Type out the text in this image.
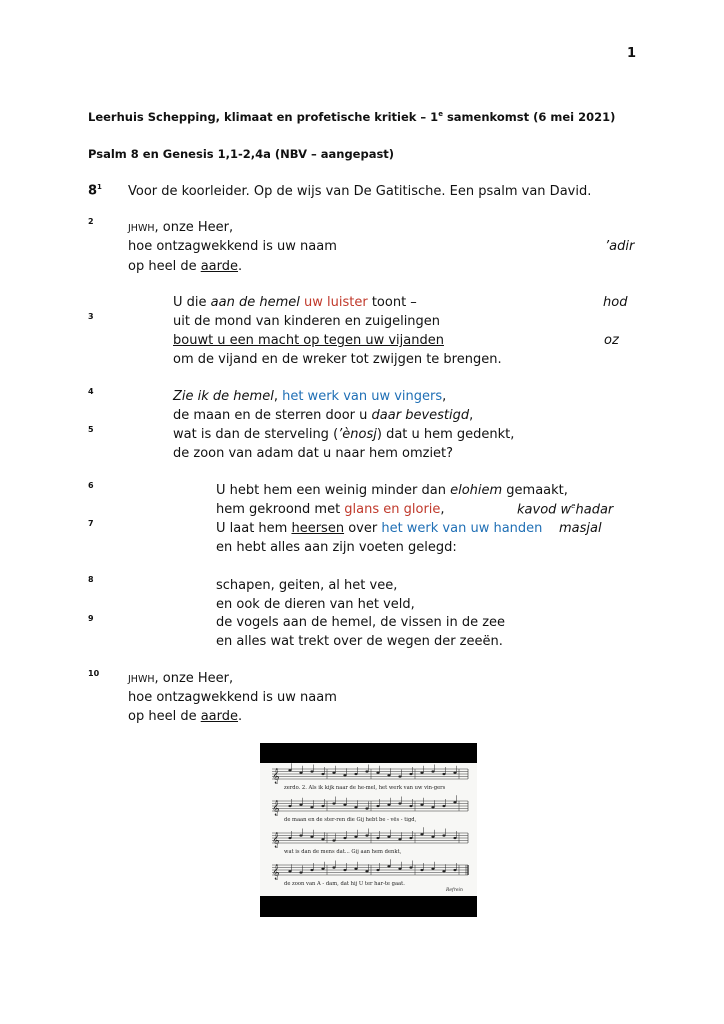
1
Leerhuis Schepping, klimaat en profetische kritiek – 1e samenkomst (6 mei 2021)
Psalm 8 en Genesis 1,1-2,4a (NBV – aangepast)
$8^1$ Voor de koorleider. Op de wijs van De Gatitische. Een psalm van David.
2
JHWH, onze Heer,
hoe ontzagwekkend is uw naam	’adir
op heel de aarde.
U die aan de hemel uw luister toont –	hod
3	uit de mond van kinderen en zuigelingen
bouwt u een macht op tegen uw vijanden	oz
om de vijand en de wreker tot zwijgen te brengen.
4	Zie ik de hemel, het werk van uw vingers,
de maan en de sterren door u daar bevestigd,
5	wat is dan de sterveling (’ènosj) dat u hem gedenkt,
de zoon van adam dat u naar hem omziet?
6	U hebt hem een weinig minder dan elohiem gemaakt,
hem gekroond met glans en glorie,	kavod $w^ehadar$
7	U laat hem heersen over het werk van uw handen masjal
en hebt alles aan zijn voeten gelegd:
8	schapen, geiten, al het vee,
en ook de dieren van het veld,
9	de vogels aan de hemel, de vissen in de zee
en alles wat trekt over de wegen der zeeën.
10
JHWH, onze Heer,
hoe ontzagwekkend is uw naam
op heel de aarde.
𝄞
𝄞
𝄞
𝄞
zerdo. 2. Als ik kijk naar de he-mel, het werk van uw vin-gers
de maan en de ster-ren die Gij hebt be - vës - tigd,
wat is dan de mens dat... Gij aan hem denkt,
de zoon van A - dam, dat hij U ter har-te gaat.
Refrein
